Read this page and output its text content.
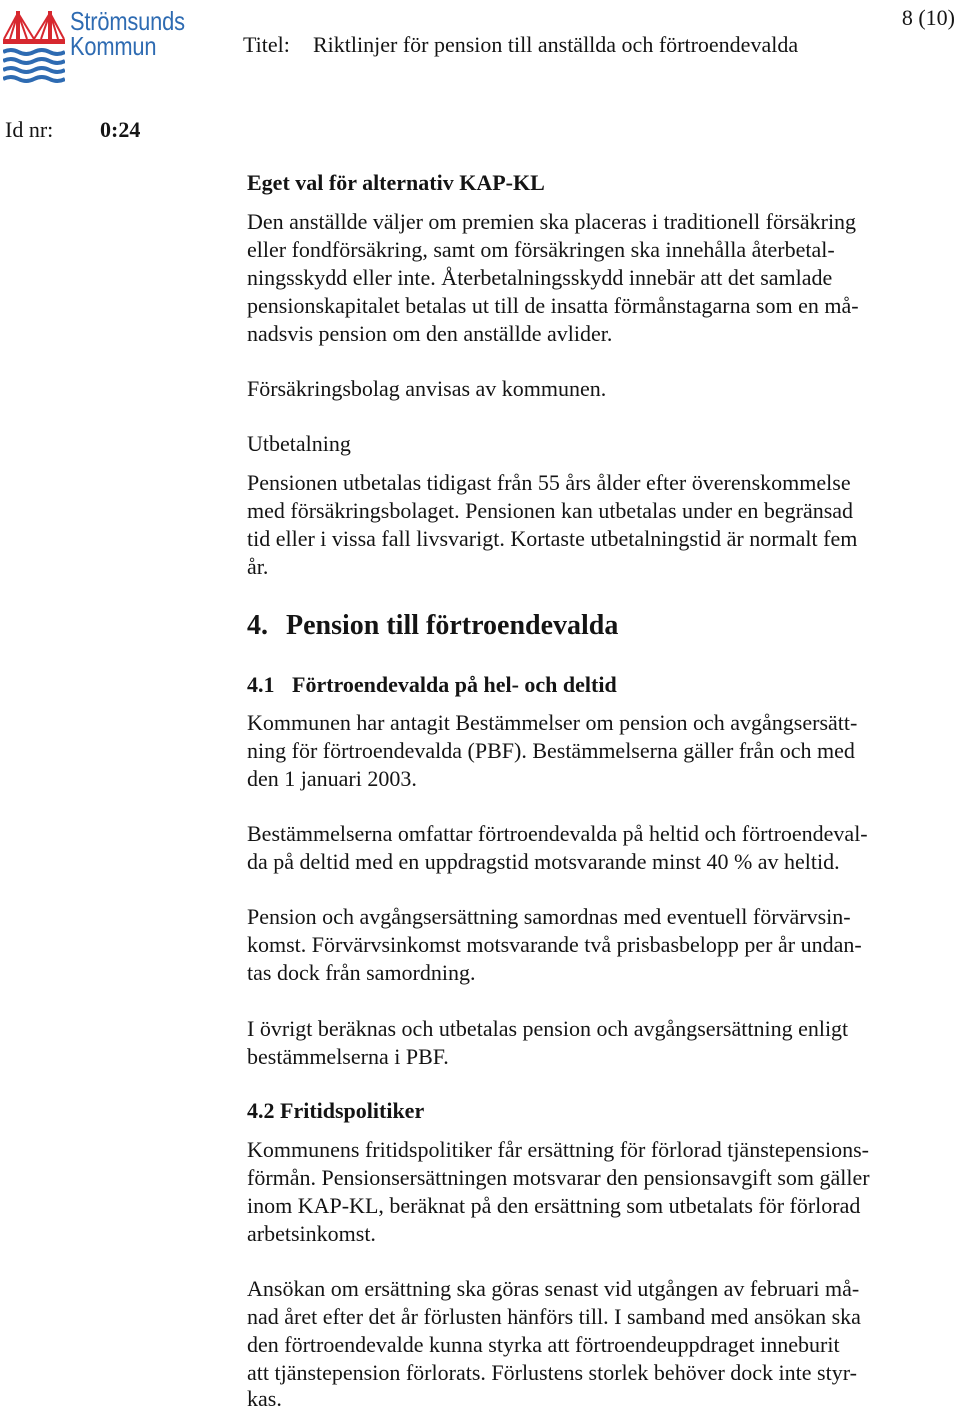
Strömsunds
Kommun
8 (10)
Titel: Riktlinjer för pension till anställda och förtroendevalda
Id nr: 0:24
Eget val för alternativ KAP-KL
Den anställde väljer om premien ska placeras i traditionell försäkring
eller fondförsäkring, samt om försäkringen ska innehålla återbetal-
ningsskydd eller inte. Återbetalningsskydd innebär att det samlade
pensionskapitalet betalas ut till de insatta förmånstagarna som en må-
nadsvis pension om den anställde avlider.
Försäkringsbolag anvisas av kommunen.
Utbetalning
Pensionen utbetalas tidigast från 55 års ålder efter överenskommelse
med försäkringsbolaget. Pensionen kan utbetalas under en begränsad
tid eller i vissa fall livsvarigt. Kortaste utbetalningstid är normalt fem
år.
4. Pension till förtroendevalda
4.1 Förtroendevalda på hel- och deltid
Kommunen har antagit Bestämmelser om pension och avgångsersätt-
ning för förtroendevalda (PBF). Bestämmelserna gäller från och med
den 1 januari 2003.
Bestämmelserna omfattar förtroendevalda på heltid och förtroendeval-
da på deltid med en uppdragstid motsvarande minst 40 % av heltid.
Pension och avgångsersättning samordnas med eventuell förvärvsin-
komst. Förvärvsinkomst motsvarande två prisbasbelopp per år undan-
tas dock från samordning.
I övrigt beräknas och utbetalas pension och avgångsersättning enligt
bestämmelserna i PBF.
4.2 Fritidspolitiker
Kommunens fritidspolitiker får ersättning för förlorad tjänstepensions-
förmån. Pensionsersättningen motsvarar den pensionsavgift som gäller
inom KAP-KL, beräknat på den ersättning som utbetalats för förlorad
arbetsinkomst.
Ansökan om ersättning ska göras senast vid utgången av februari må-
nad året efter det år förlusten hänförs till. I samband med ansökan ska
den förtroendevalde kunna styrka att förtroendeuppdraget inneburit
att tjänstepension förlorats. Förlustens storlek behöver dock inte styr-
kas.
